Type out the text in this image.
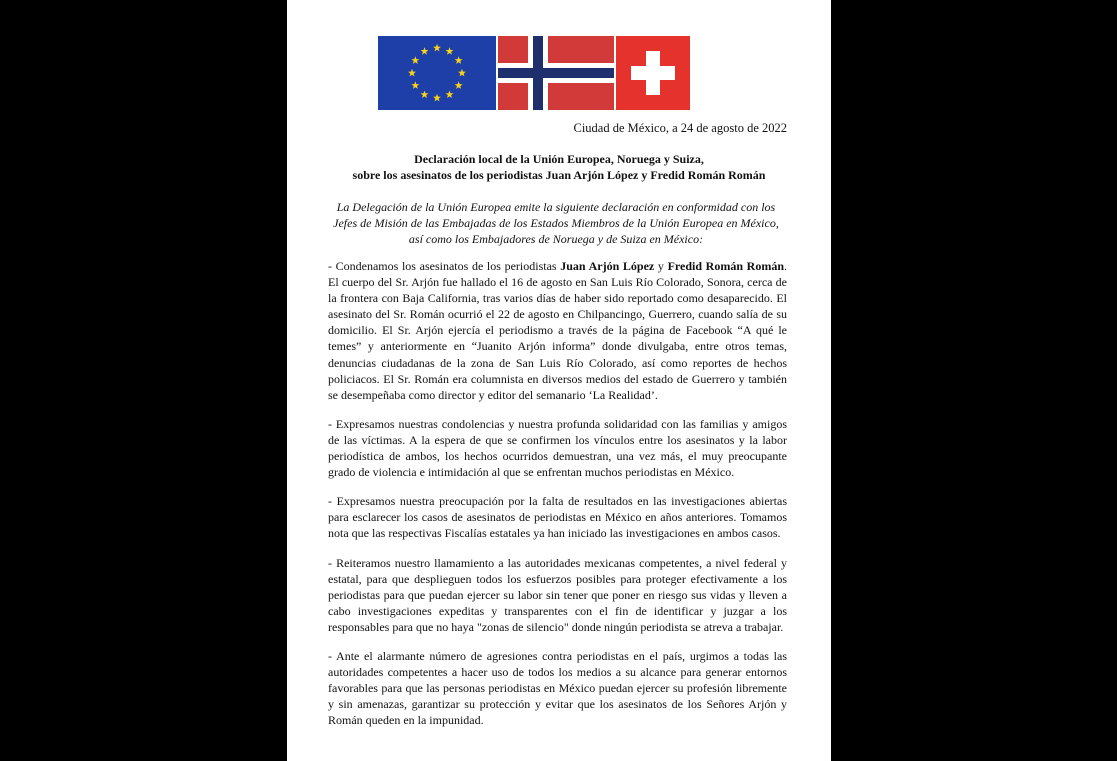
Ciudad de México, a 24 de agosto de 2022
Declaración local de la Unión Europea, Noruega y Suiza,
sobre los asesinatos de los periodistas Juan Arjón López y Fredid Román Román
La Delegación de la Unión Europea emite la siguiente declaración en conformidad con los Jefes de Misión de las Embajadas de los Estados Miembros de la Unión Europea en México, así como los Embajadores de Noruega y de Suiza en México:

- Condenamos los asesinatos de los periodistas Juan Arjón López y Fredid Román Román. El cuerpo del Sr. Arjón fue hallado el 16 de agosto en San Luis Río Colorado, Sonora, cerca de la frontera con Baja California, tras varios días de haber sido reportado como desaparecido. El asesinato del Sr. Román ocurrió el 22 de agosto en Chilpancingo, Guerrero, cuando salía de su domicilio. El Sr. Arjón ejercía el periodismo a través de la página de Facebook “A qué le temes” y anteriormente en “Juanito Arjón informa” donde divulgaba, entre otros temas, denuncias ciudadanas de la zona de San Luis Río Colorado, así como reportes de hechos policiacos. El Sr. Román era columnista en diversos medios del estado de Guerrero y también se desempeñaba como director y editor del semanario ‘La Realidad’.

- Expresamos nuestras condolencias y nuestra profunda solidaridad con las familias y amigos de las víctimas. A la espera de que se confirmen los vínculos entre los asesinatos y la labor periodística de ambos, los hechos ocurridos demuestran, una vez más, el muy preocupante grado de violencia e intimidación al que se enfrentan muchos periodistas en México.

- Expresamos nuestra preocupación por la falta de resultados en las investigaciones abiertas para esclarecer los casos de asesinatos de periodistas en México en años anteriores. Tomamos nota que las respectivas Fiscalías estatales ya han iniciado las investigaciones en ambos casos.

- Reiteramos nuestro llamamiento a las autoridades mexicanas competentes, a nivel federal y estatal, para que desplieguen todos los esfuerzos posibles para proteger efectivamente a los periodistas para que puedan ejercer su labor sin tener que poner en riesgo sus vidas y lleven a cabo investigaciones expeditas y transparentes con el fin de identificar y juzgar a los responsables para que no haya "zonas de silencio" donde ningún periodista se atreva a trabajar.

- Ante el alarmante número de agresiones contra periodistas en el país, urgimos a todas las autoridades competentes a hacer uso de todos los medios a su alcance para generar entornos favorables para que las personas periodistas en México puedan ejercer su profesión libremente y sin amenazas, garantizar su protección y evitar que los asesinatos de los Señores Arjón y Román queden en la impunidad.
